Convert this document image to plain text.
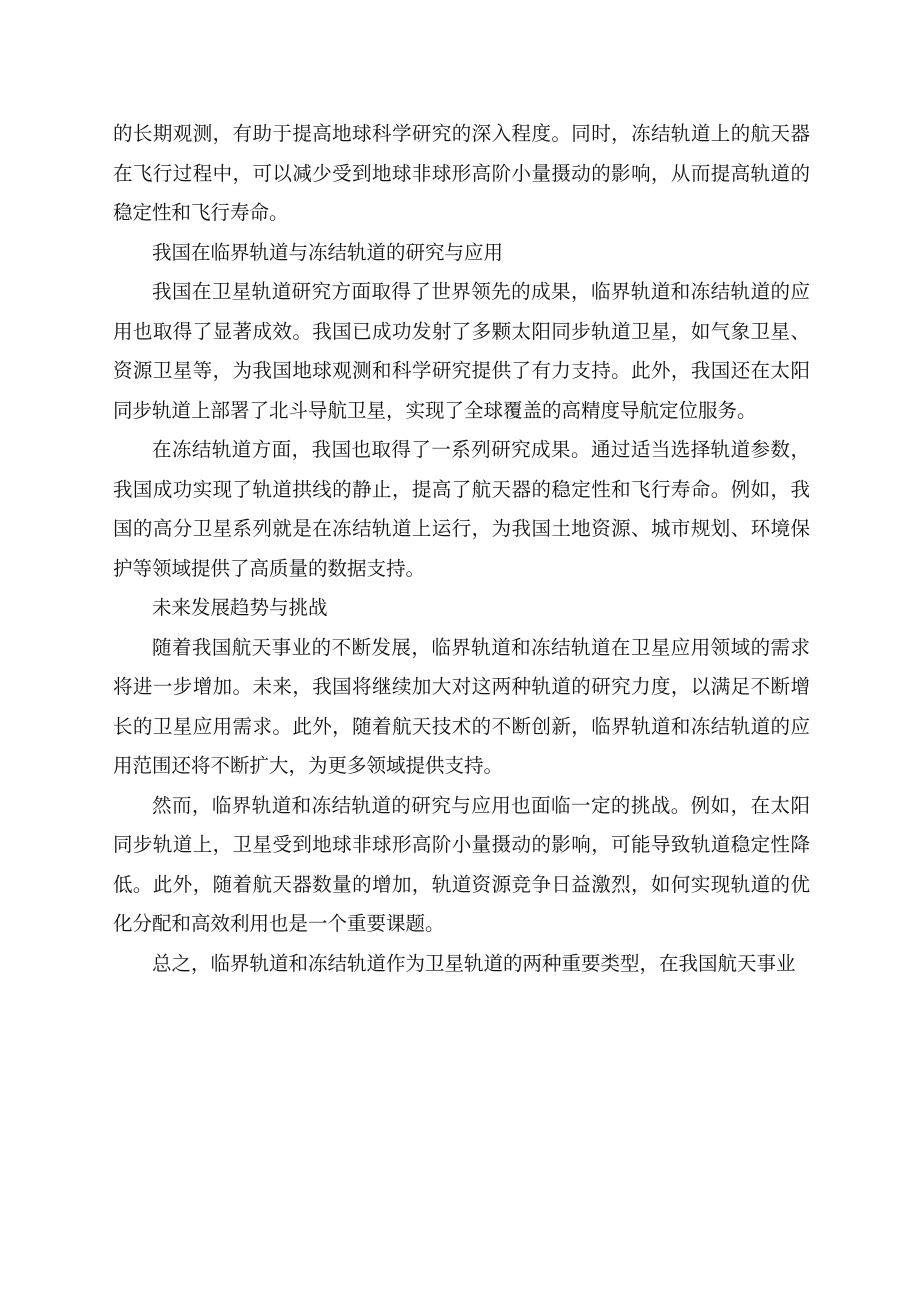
的长期观测，有助于提高地球科学研究的深入程度。同时，冻结轨道上的航天器在飞行过程中，可以减少受到地球非球形高阶小量摄动的影响，从而提高轨道的稳定性和飞行寿命。

我国在临界轨道与冻结轨道的研究与应用

我国在卫星轨道研究方面取得了世界领先的成果，临界轨道和冻结轨道的应用也取得了显著成效。我国已成功发射了多颗太阳同步轨道卫星，如气象卫星、资源卫星等，为我国地球观测和科学研究提供了有力支持。此外，我国还在太阳同步轨道上部署了北斗导航卫星，实现了全球覆盖的高精度导航定位服务。

在冻结轨道方面，我国也取得了一系列研究成果。通过适当选择轨道参数，我国成功实现了轨道拱线的静止，提高了航天器的稳定性和飞行寿命。例如，我国的高分卫星系列就是在冻结轨道上运行，为我国土地资源、城市规划、环境保护等领域提供了高质量的数据支持。

未来发展趋势与挑战

随着我国航天事业的不断发展，临界轨道和冻结轨道在卫星应用领域的需求将进一步增加。未来，我国将继续加大对这两种轨道的研究力度，以满足不断增长的卫星应用需求。此外，随着航天技术的不断创新，临界轨道和冻结轨道的应用范围还将不断扩大，为更多领域提供支持。

然而，临界轨道和冻结轨道的研究与应用也面临一定的挑战。例如，在太阳同步轨道上，卫星受到地球非球形高阶小量摄动的影响，可能导致轨道稳定性降低。此外，随着航天器数量的增加，轨道资源竞争日益激烈，如何实现轨道的优化分配和高效利用也是一个重要课题。

总之，临界轨道和冻结轨道作为卫星轨道的两种重要类型，在我国航天事业
